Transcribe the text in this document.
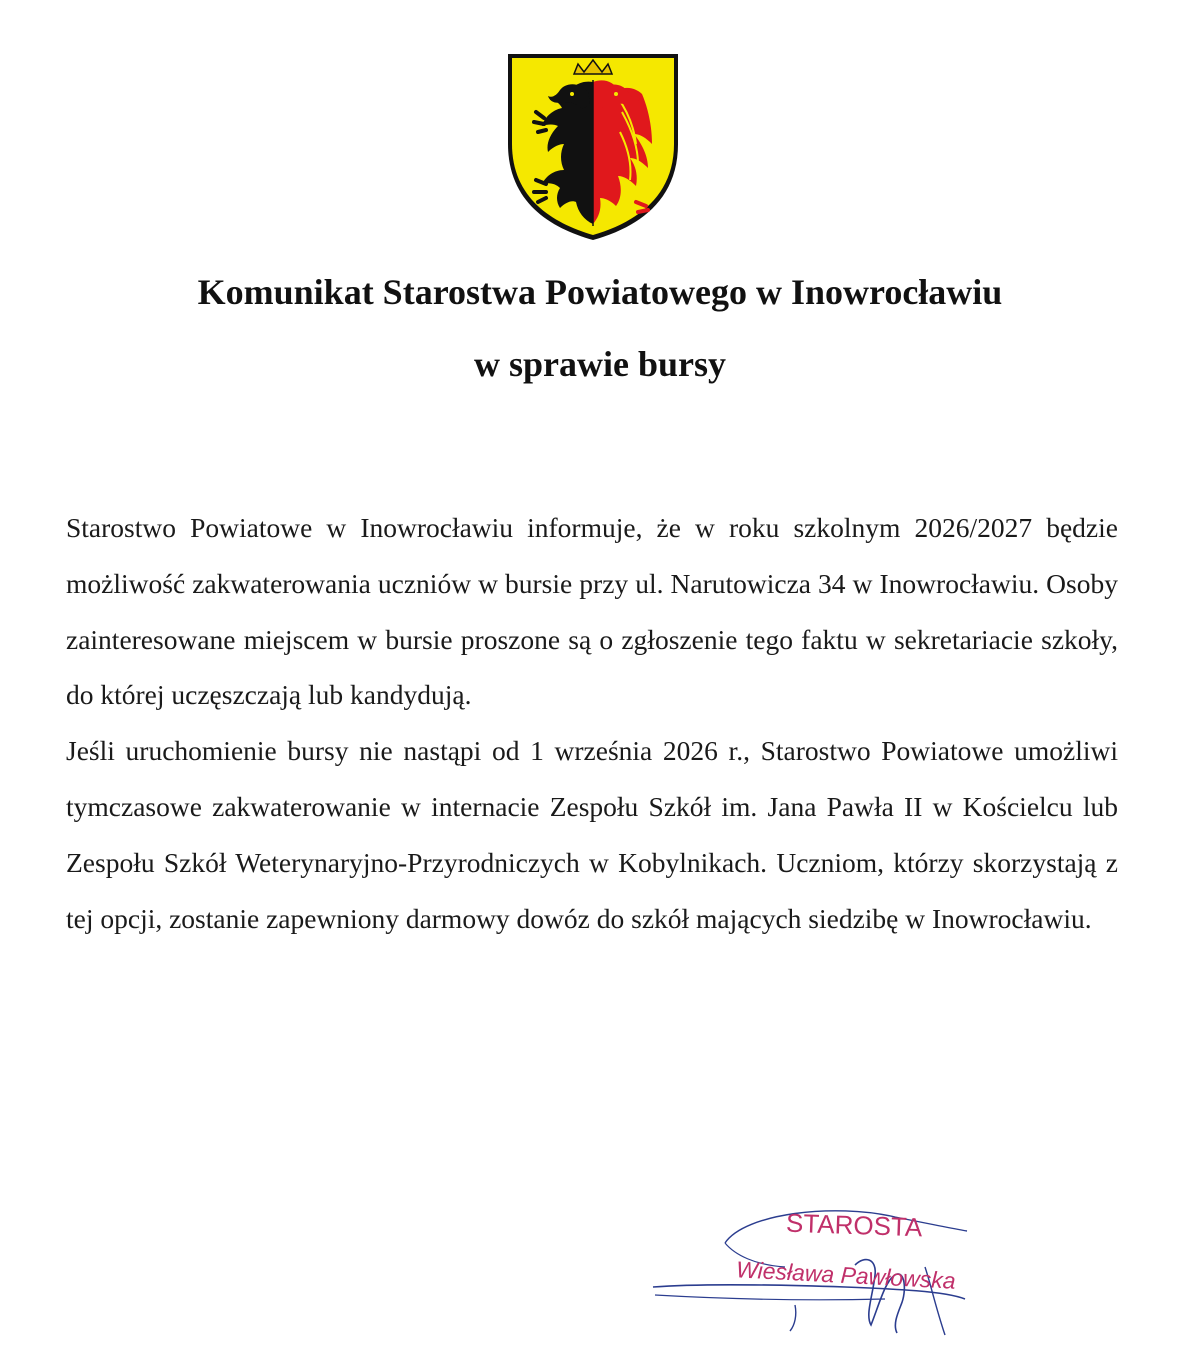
Komunikat Starostwa Powiatowego w Inowrocławiu
w sprawie bursy

Starostwo Powiatowe w Inowrocławiu informuje, że w roku szkolnym 2026/2027 będzie możliwość zakwaterowania uczniów w bursie przy ul. Narutowicza 34 w Inowrocławiu. Osoby zainteresowane miejscem w bursie proszone są o zgłoszenie tego faktu w sekretariacie szkoły, do której uczęszczają lub kandydują.

Jeśli uruchomienie bursy nie nastąpi od 1 września 2026 r., Starostwo Powiatowe umożliwi tymczasowe zakwaterowanie w internacie Zespołu Szkół im. Jana Pawła II w Kościelcu lub Zespołu Szkół Weterynaryjno-Przyrodniczych w Kobylnikach. Uczniom, którzy skorzystają z tej opcji, zostanie zapewniony darmowy dowóz do szkół mających siedzibę w Inowrocławiu.

STAROSTA
Wiesława Pawłowska
